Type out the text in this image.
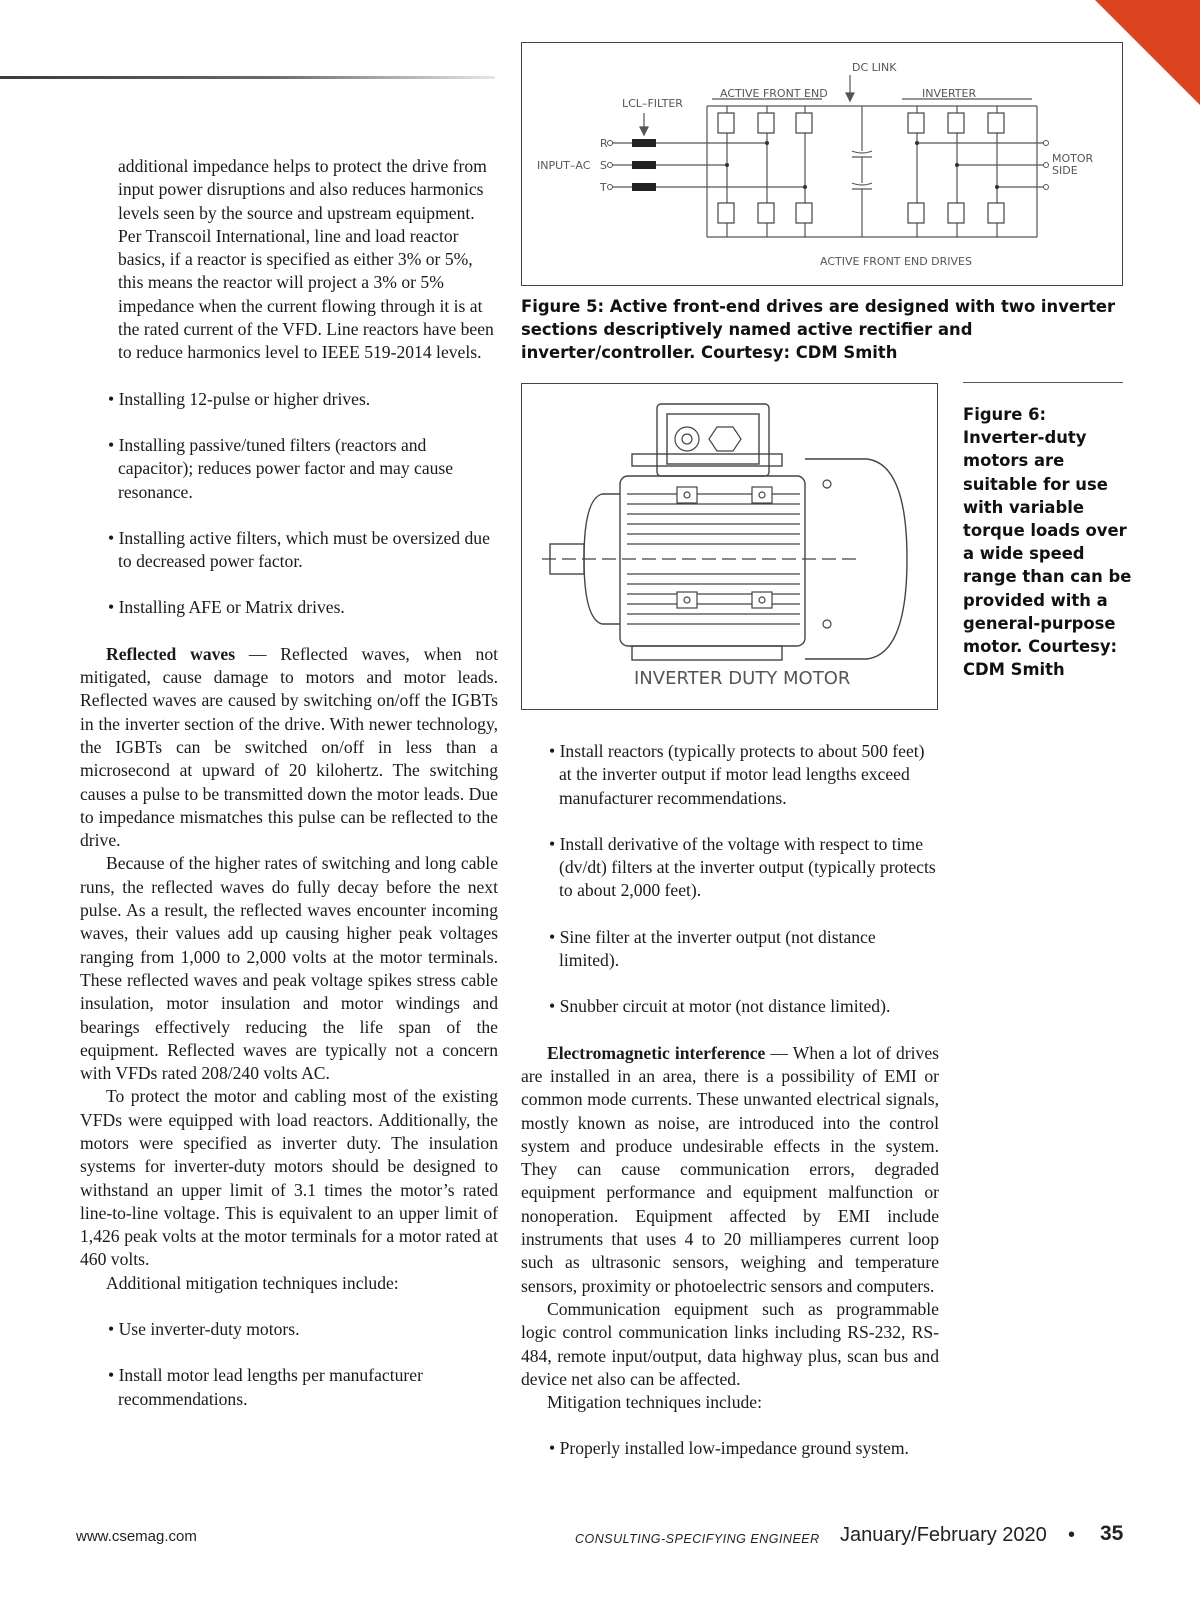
additional impedance helps to protect the drive from input power disruptions and also reduces harmonics levels seen by the source and upstream equipment. Per Transcoil International, line and load reactor basics, if a reactor is specified as either 3% or 5%, this means the reactor will project a 3% or 5% impedance when the current flowing through it is at the rated current of the VFD. Line reactors have been to reduce harmonics level to IEEE 519-2014 levels.

• Installing 12-pulse or higher drives.

• Installing passive/tuned filters (reactors and capacitor); reduces power factor and may cause resonance.

• Installing active filters, which must be oversized due to decreased power factor.

• Installing AFE or Matrix drives.

Reflected waves — Reflected waves, when not mitigated, cause damage to motors and motor leads. Reflected waves are caused by switching on/off the IGBTs in the inverter section of the drive. With newer technology, the IGBTs can be switched on/off in less than a microsecond at upward of 20 kilohertz. The switching causes a pulse to be transmitted down the motor leads. Due to impedance mismatches this pulse can be reflected to the drive.

Because of the higher rates of switching and long cable runs, the reflected waves do fully decay before the next pulse. As a result, the reflected waves encounter incoming waves, their values add up causing higher peak voltages ranging from 1,000 to 2,000 volts at the motor terminals. These reflected waves and peak voltage spikes stress cable insulation, motor insulation and motor windings and bearings effectively reducing the life span of the equipment. Reflected waves are typically not a concern with VFDs rated 208/240 volts AC.

To protect the motor and cabling most of the existing VFDs were equipped with load reactors. Additionally, the motors were specified as inverter duty. The insulation systems for inverter-duty motors should be designed to withstand an upper limit of 3.1 times the motor’s rated line-to-line voltage. This is equivalent to an upper limit of 1,426 peak volts at the motor terminals for a motor rated at 460 volts.

Additional mitigation techniques include:

• Use inverter-duty motors.

• Install motor lead lengths per manufacturer recommendations.

DC LINK
ACTIVE FRONT END	INVERTER
LCL–FILTER
INPUT–AC
R
S
T
MOTOR
SIDE
ACTIVE FRONT END DRIVES
Figure 5: Active front-end drives are designed with two inverter sections descriptively named active rectifier and inverter/controller. Courtesy: CDM Smith
INVERTER DUTY MOTOR
Figure 6: Inverter-duty motors are suitable for use with variable torque loads over a wide speed range than can be provided with a general-purpose motor. Courtesy: CDM Smith

• Install reactors (typically protects to about 500 feet) at the inverter output if motor lead lengths exceed manufacturer recommendations.

• Install derivative of the voltage with respect to time (dv/dt) filters at the inverter output (typically protects to about 2,000 feet).

• Sine filter at the inverter output (not distance limited).

• Snubber circuit at motor (not distance limited).

Electromagnetic interference — When a lot of drives are installed in an area, there is a possibility of EMI or common mode currents. These unwanted electrical signals, mostly known as noise, are introduced into the control system and produce undesirable effects in the system. They can cause communication errors, degraded equipment performance and equipment malfunction or nonoperation. Equipment affected by EMI include instruments that uses 4 to 20 milliamperes current loop such as ultrasonic sensors, weighing and temperature sensors, proximity or photoelectric sensors and computers.

Communication equipment such as programmable logic control communication links including RS-232, RS-484, remote input/output, data highway plus, scan bus and device net also can be affected.

Mitigation techniques include:

• Properly installed low-impedance ground system.

www.csemag.com	CONSULTING-SPECIFYING ENGINEER January/February 2020 • 35
